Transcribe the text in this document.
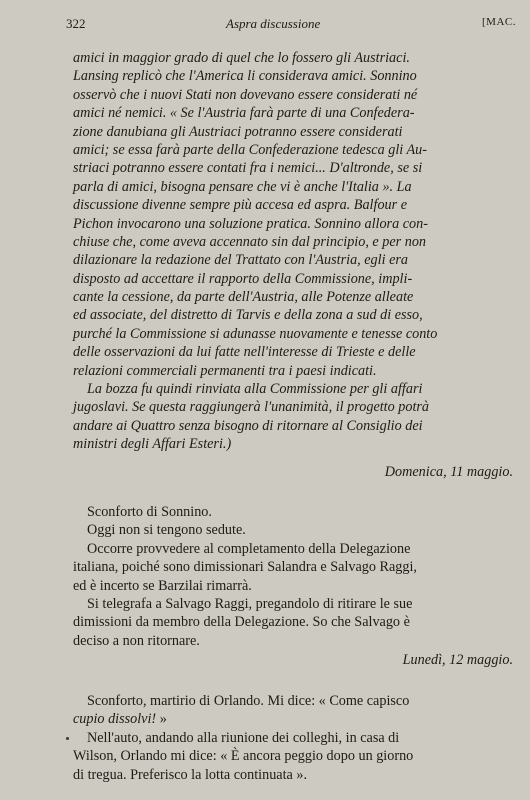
322	Aspra discussione	[MAC.
amici in maggior grado di quel che lo fossero gli Austriaci.
Lansing replicò che l'America li considerava amici. Sonnino
osservò che i nuovi Stati non dovevano essere considerati né
amici né nemici. « Se l'Austria farà parte di una Confedera-
zione danubiana gli Austriaci potranno essere considerati
amici; se essa farà parte della Confederazione tedesca gli Au-
striaci potranno essere contati fra i nemici... D'altronde, se si
parla di amici, bisogna pensare che vi è anche l'Italia ». La
discussione divenne sempre più accesa ed aspra. Balfour e
Pichon invocarono una soluzione pratica. Sonnino allora con-
chiuse che, come aveva accennato sin dal principio, e per non
dilazionare la redazione del Trattato con l'Austria, egli era
disposto ad accettare il rapporto della Commissione, impli-
cante la cessione, da parte dell'Austria, alle Potenze alleate
ed associate, del distretto di Tarvis e della zona a sud di esso,
purché la Commissione si adunasse nuovamente e tenesse conto
delle osservazioni da lui fatte nell'interesse di Trieste e delle
relazioni commerciali permanenti tra i paesi indicati.
La bozza fu quindi rinviata alla Commissione per gli affari
jugoslavi. Se questa raggiungerà l'unanimità, il progetto potrà
andare ai Quattro senza bisogno di ritornare al Consiglio dei
ministri degli Affari Esteri.)
Domenica, 11 maggio.
Sconforto di Sonnino.
Oggi non si tengono sedute.
Occorre provvedere al completamento della Delegazione
italiana, poiché sono dimissionari Salandra e Salvago Raggi,
ed è incerto se Barzilai rimarrà.
Si telegrafa a Salvago Raggi, pregandolo di ritirare le sue
dimissioni da membro della Delegazione. So che Salvago è
deciso a non ritornare.
Lunedì, 12 maggio.
Sconforto, martirio di Orlando. Mi dice: « Come capisco
cupio dissolvi! »
Nell'auto, andando alla riunione dei colleghi, in casa di
Wilson, Orlando mi dice: « È ancora peggio dopo un giorno
di tregua. Preferisco la lotta continuata ».
